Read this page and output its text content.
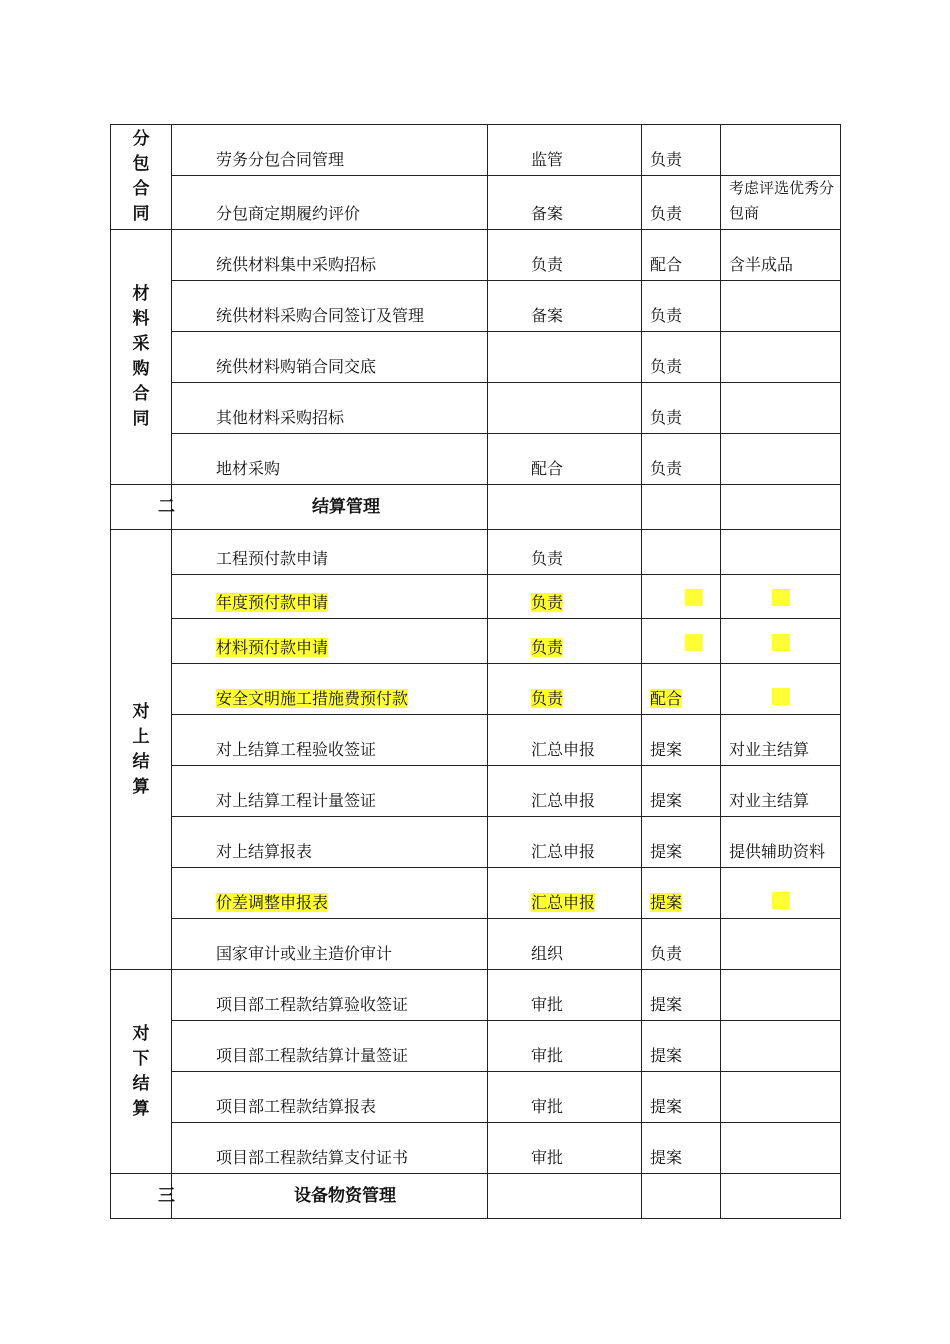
分包合同	劳务分包合同管理	监管	负责	
	分包商定期履约评价	备案	负责	考虑评选优秀分包商
材料采购合同	统供材料集中采购招标	负责	配合	含半成品
	统供材料采购合同签订及管理	备案	负责	
	统供材料购销合同交底		负责	
	其他材料采购招标		负责	
	地材采购	配合	负责	
二	结算管理			
对上结算	工程预付款申请	负责		
	年度预付款申请	负责		
	材料预付款申请	负责		
	安全文明施工措施费预付款	负责	配合	
	对上结算工程验收签证	汇总申报	提案	对业主结算
	对上结算工程计量签证	汇总申报	提案	对业主结算
	对上结算报表	汇总申报	提案	提供辅助资料
	价差调整申报表	汇总申报	提案	
	国家审计或业主造价审计	组织	负责	
对下结算	项目部工程款结算验收签证	审批	提案	
	项目部工程款结算计量签证	审批	提案	
	项目部工程款结算报表	审批	提案	
	项目部工程款结算支付证书	审批	提案	
三	设备物资管理			
